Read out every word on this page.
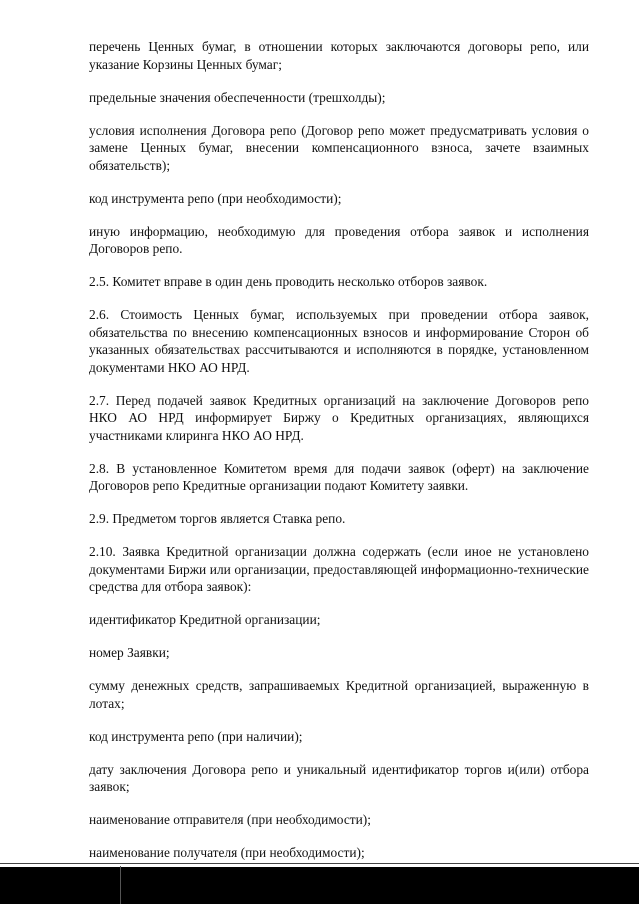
перечень Ценных бумаг, в отношении которых заключаются договоры репо, или указание Корзины Ценных бумаг;

предельные значения обеспеченности (трешхолды);

условия исполнения Договора репо (Договор репо может предусматривать условия о замене Ценных бумаг, внесении компенсационного взноса, зачете взаимных обязательств);

код инструмента репо (при необходимости);

иную информацию, необходимую для проведения отбора заявок и исполнения Договоров репо.

2.5. Комитет вправе в один день проводить несколько отборов заявок.

2.6. Стоимость Ценных бумаг, используемых при проведении отбора заявок, обязательства по внесению компенсационных взносов и информирование Сторон об указанных обязательствах рассчитываются и исполняются в порядке, установленном документами НКО АО НРД.

2.7. Перед подачей заявок Кредитных организаций на заключение Договоров репо НКО АО НРД информирует Биржу о Кредитных организациях, являющихся участниками клиринга НКО АО НРД.

2.8. В установленное Комитетом время для подачи заявок (оферт) на заключение Договоров репо Кредитные организации подают Комитету заявки.

2.9. Предметом торгов является Ставка репо.

2.10. Заявка Кредитной организации должна содержать (если иное не установлено документами Биржи или организации, предоставляющей информационно-технические средства для отбора заявок):

идентификатор Кредитной организации;

номер Заявки;

сумму денежных средств, запрашиваемых Кредитной организацией, выраженную в лотах;

код инструмента репо (при наличии);

дату заключения Договора репо и уникальный идентификатор торгов и(или) отбора заявок;

наименование отправителя (при необходимости);

наименование получателя (при необходимости);
